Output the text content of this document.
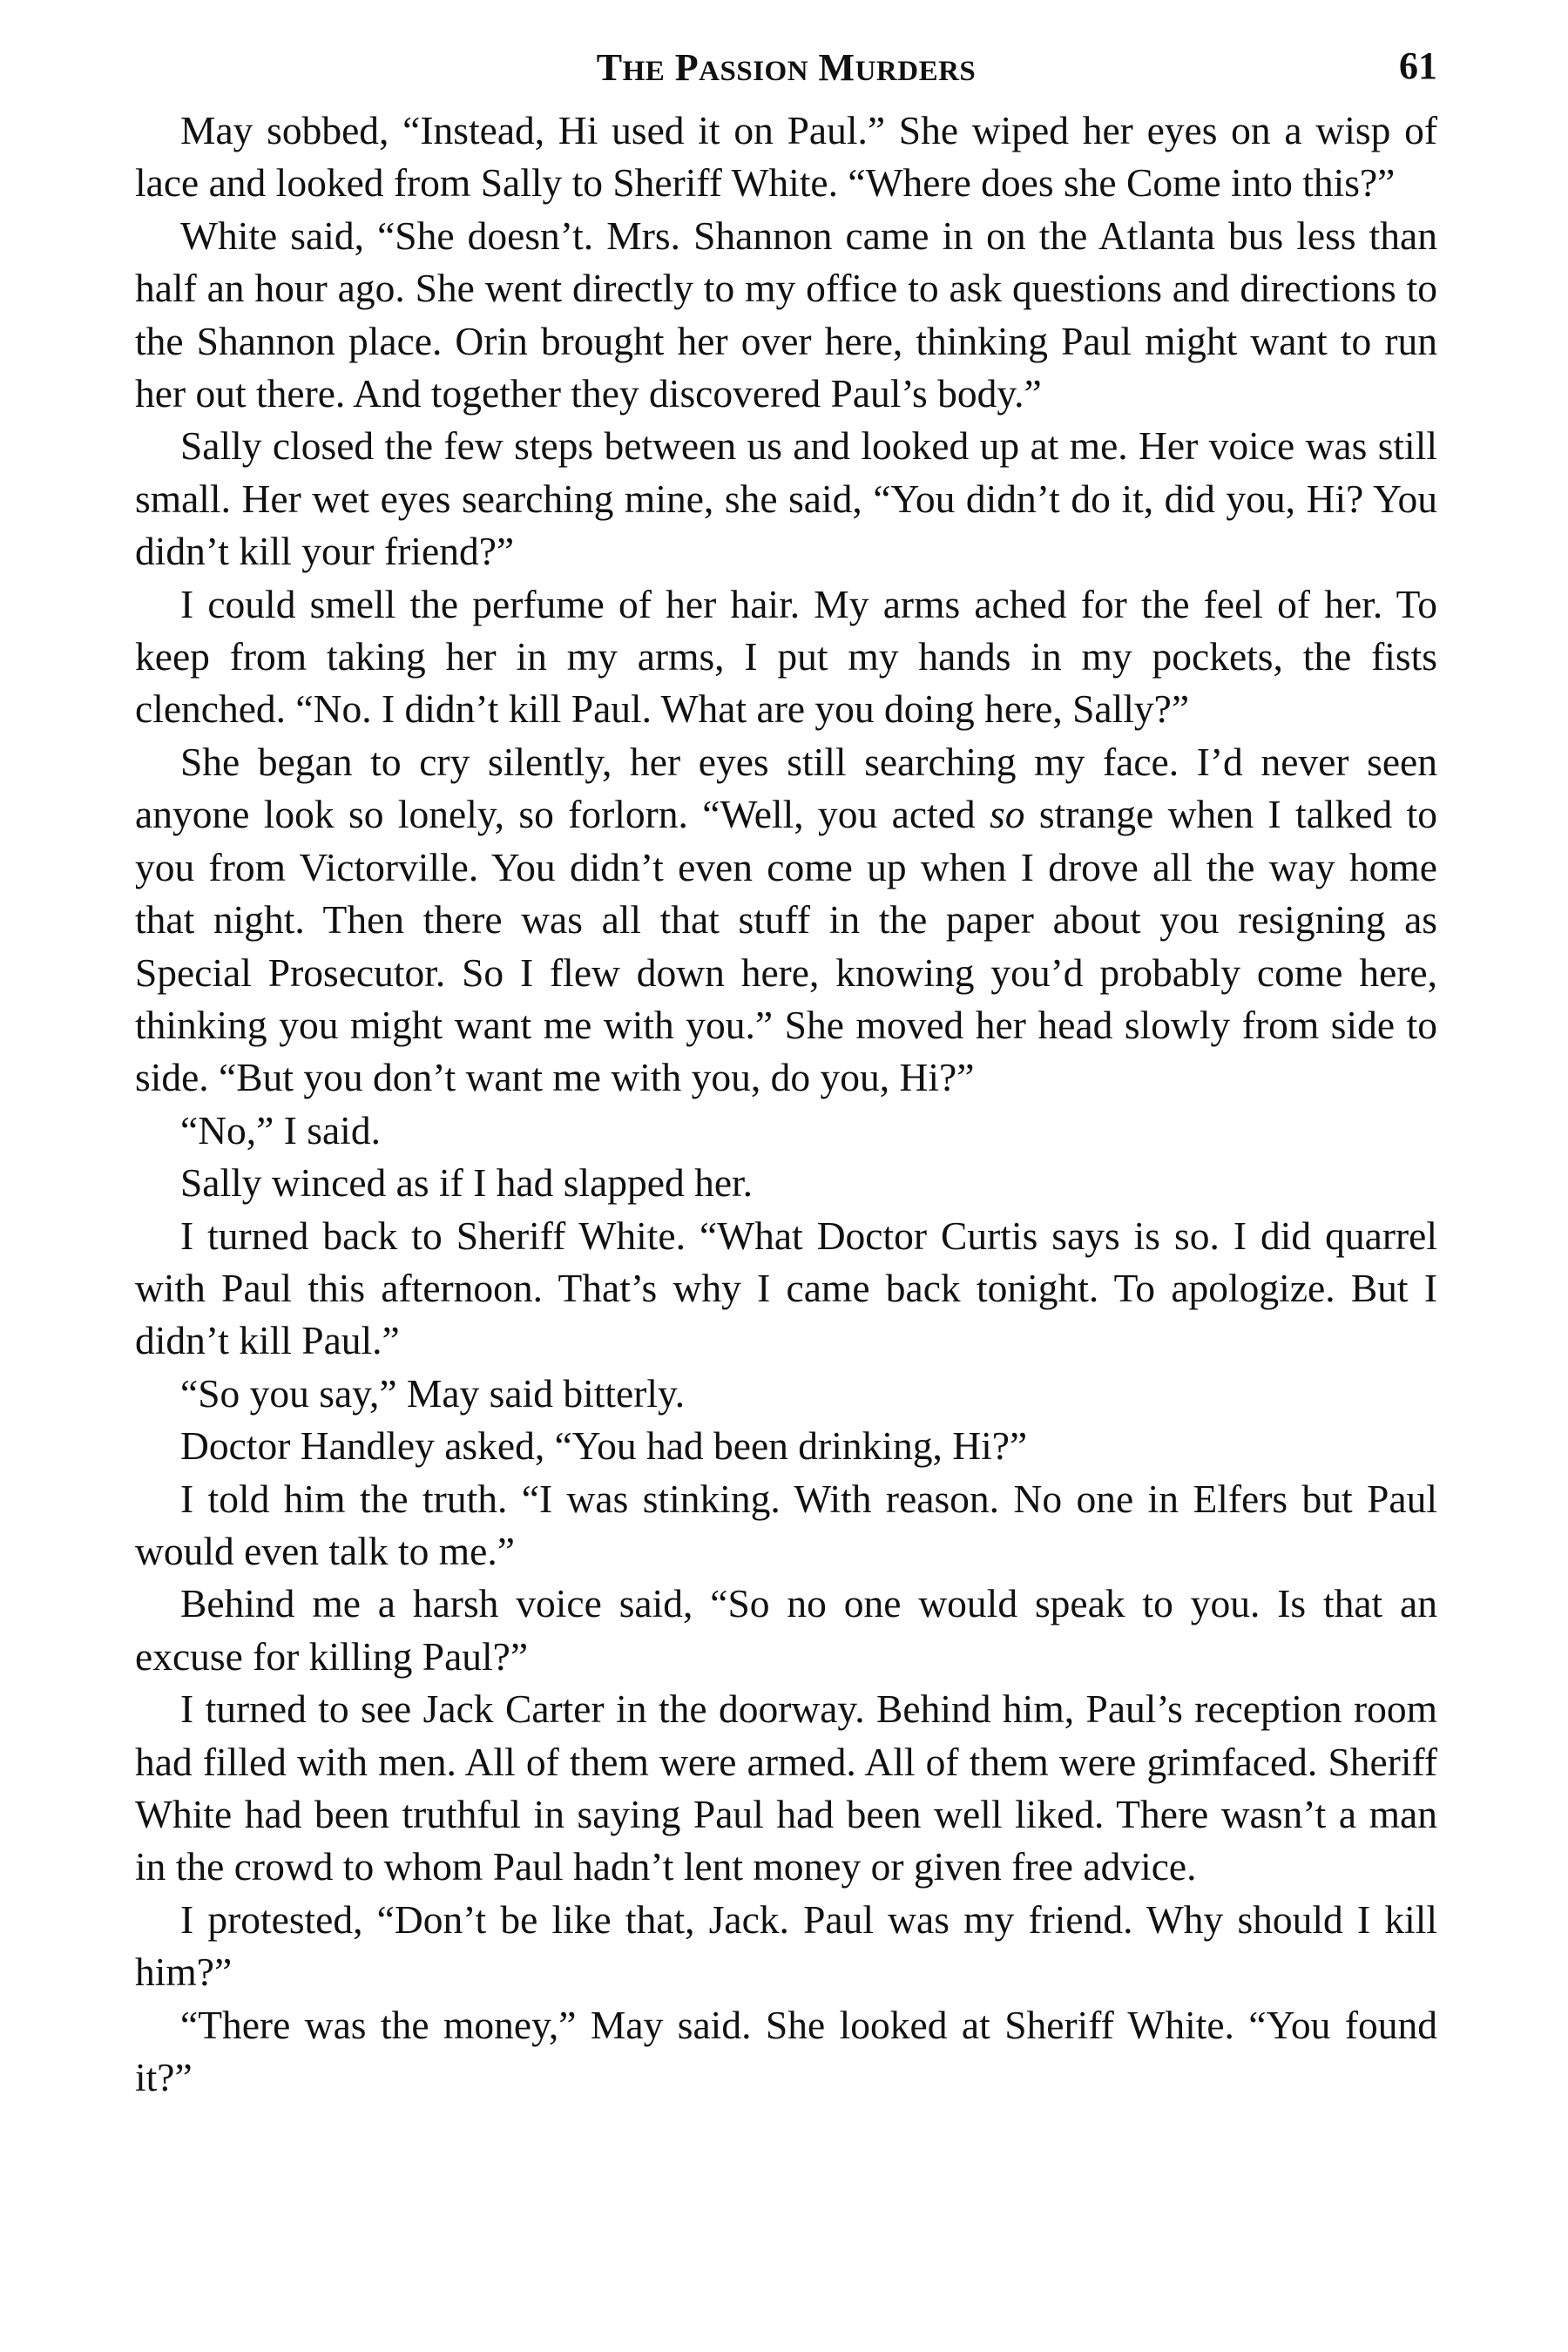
THE PASSION MURDERS	61

May sobbed, “Instead, Hi used it on Paul.” She wiped her eyes on a wisp of lace and looked from Sally to Sheriff White. “Where does she Come into this?”

White said, “She doesn’t. Mrs. Shannon came in on the Atlanta bus less than half an hour ago. She went directly to my office to ask questions and directions to the Shannon place. Orin brought her over here, thinking Paul might want to run her out there. And together they discovered Paul’s body.”

Sally closed the few steps between us and looked up at me. Her voice was still small. Her wet eyes searching mine, she said, “You didn’t do it, did you, Hi? You didn’t kill your friend?”

I could smell the perfume of her hair. My arms ached for the feel of her. To keep from taking her in my arms, I put my hands in my pockets, the fists clenched. “No. I didn’t kill Paul. What are you doing here, Sally?”

She began to cry silently, her eyes still searching my face. I’d never seen anyone look so lonely, so forlorn. “Well, you acted so strange when I talked to you from Victorville. You didn’t even come up when I drove all the way home that night. Then there was all that stuff in the paper about you resigning as Special Prosecutor. So I flew down here, knowing you’d probably come here, thinking you might want me with you.” She moved her head slowly from side to side. “But you don’t want me with you, do you, Hi?”

“No,” I said.

Sally winced as if I had slapped her.

I turned back to Sheriff White. “What Doctor Curtis says is so. I did quarrel with Paul this afternoon. That’s why I came back tonight. To apologize. But I didn’t kill Paul.”

“So you say,” May said bitterly.

Doctor Handley asked, “You had been drinking, Hi?”

I told him the truth. “I was stinking. With reason. No one in Elfers but Paul would even talk to me.”

Behind me a harsh voice said, “So no one would speak to you. Is that an excuse for killing Paul?”

I turned to see Jack Carter in the doorway. Behind him, Paul’s reception room had filled with men. All of them were armed. All of them were grimfaced. Sheriff White had been truthful in saying Paul had been well liked. There wasn’t a man in the crowd to whom Paul hadn’t lent money or given free advice.

I protested, “Don’t be like that, Jack. Paul was my friend. Why should I kill him?”

“There was the money,” May said. She looked at Sheriff White. “You found it?”
